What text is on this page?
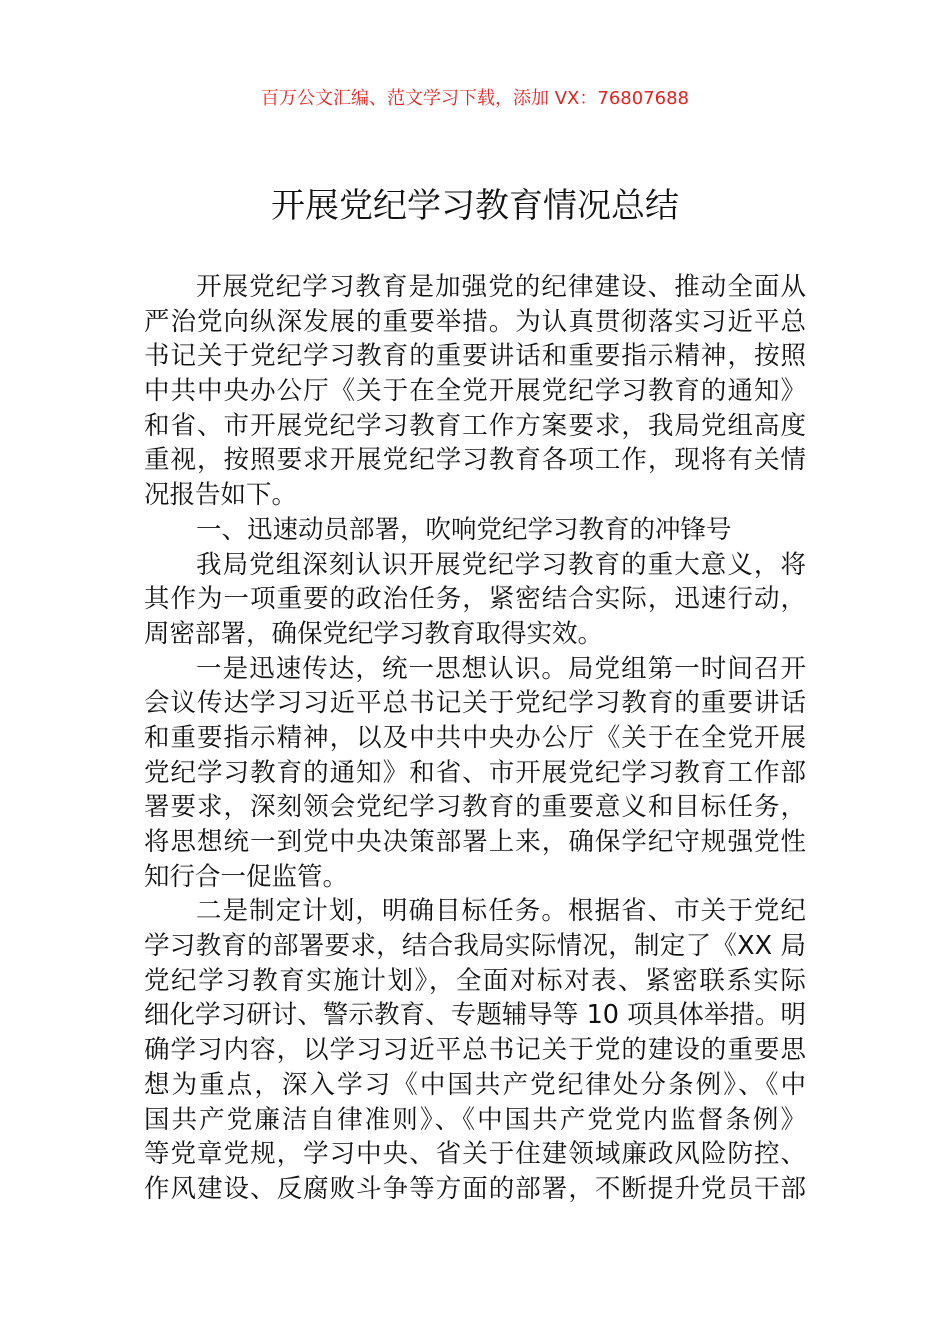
百万公文汇编、范文学习下载，添加 VX：76807688
开展党纪学习教育情况总结
开展党纪学习教育是加强党的纪律建设、推动全面从
严治党向纵深发展的重要举措。为认真贯彻落实习近平总
书记关于党纪学习教育的重要讲话和重要指示精神，按照
中共中央办公厅《关于在全党开展党纪学习教育的通知》
和省、市开展党纪学习教育工作方案要求，我局党组高度
重视，按照要求开展党纪学习教育各项工作，现将有关情
况报告如下。
一、迅速动员部署，吹响党纪学习教育的冲锋号
我局党组深刻认识开展党纪学习教育的重大意义，将
其作为一项重要的政治任务，紧密结合实际，迅速行动，
周密部署，确保党纪学习教育取得实效。
一是迅速传达，统一思想认识。局党组第一时间召开
会议传达学习习近平总书记关于党纪学习教育的重要讲话
和重要指示精神，以及中共中央办公厅《关于在全党开展
党纪学习教育的通知》和省、市开展党纪学习教育工作部
署要求，深刻领会党纪学习教育的重要意义和目标任务，
将思想统一到党中央决策部署上来，确保学纪守规强党性
知行合一促监管。
二是制定计划，明确目标任务。根据省、市关于党纪
学习教育的部署要求，结合我局实际情况，制定了《XX 局
党纪学习教育实施计划》，全面对标对表、紧密联系实际
细化学习研讨、警示教育、专题辅导等 10 项具体举措。明
确学习内容，以学习习近平总书记关于党的建设的重要思
想为重点，深入学习《中国共产党纪律处分条例》、《中
国共产党廉洁自律准则》、《中国共产党党内监督条例》
等党章党规，学习中央、省关于住建领域廉政风险防控、
作风建设、反腐败斗争等方面的部署，不断提升党员干部
